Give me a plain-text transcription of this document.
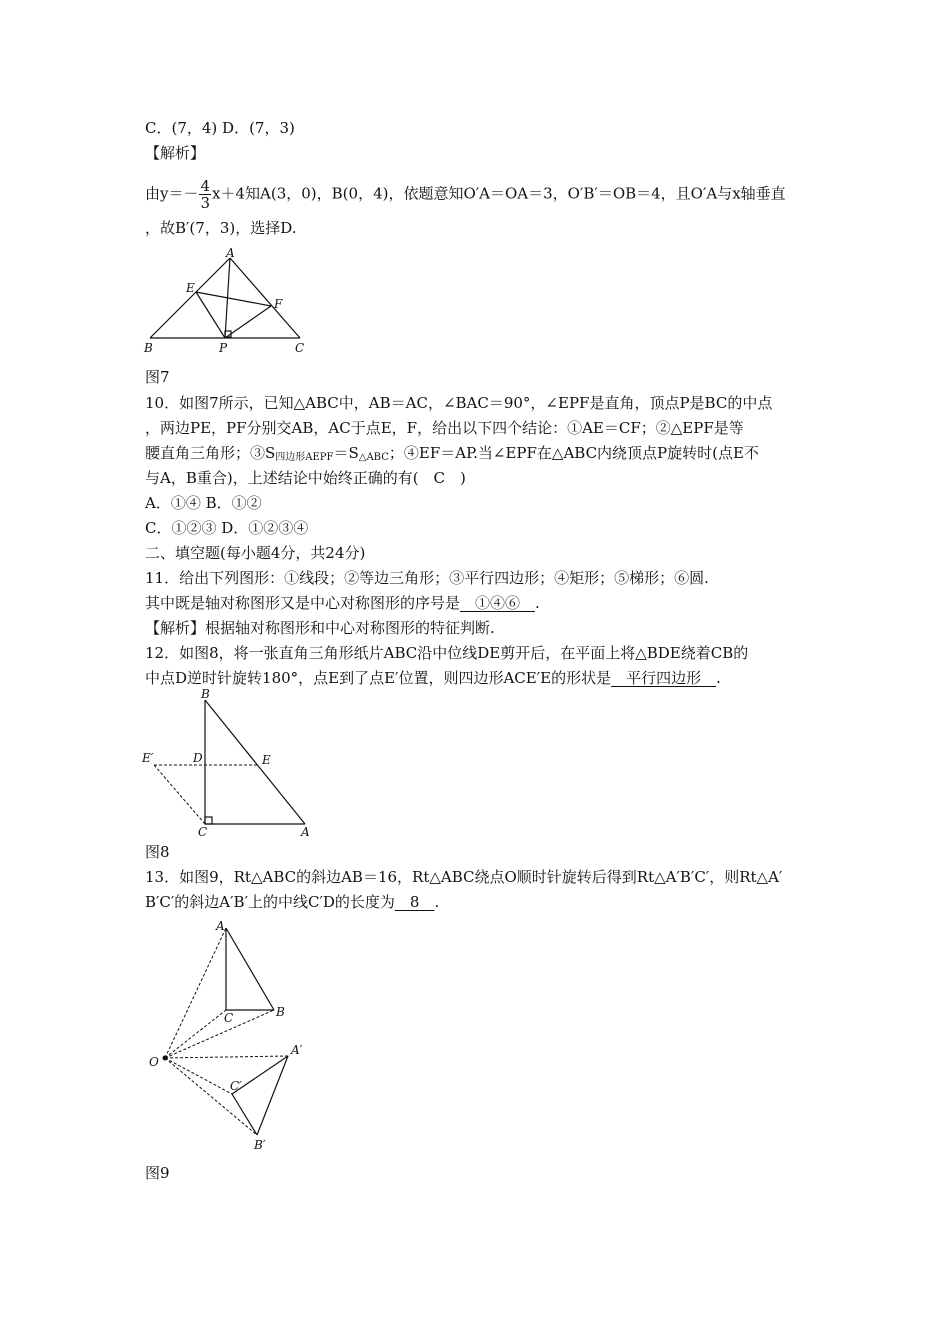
C．(7，4) D．(7，3)
【解析】
由$y=- \frac{4}{3} x+4$知A(3，0)，B(0，4)，依题意知O′A＝OA＝3，O′B′＝OB＝4，且O′A与x轴垂直
，故B′(7，3)，选择D.
A
B	C
E
F
P
图7
10．如图7所示，已知△ABC中，AB＝AC，∠BAC＝90°，∠EPF是直角，顶点P是BC的中点
，两边PE，PF分别交AB，AC于点E，F，给出以下四个结论：①AE＝CF；②△EPF是等
腰直角三角形；$③S_{四边形AEPF}=S_{\triangle ABC}$；④EF＝AP.当∠EPF在△ABC内绕顶点P旋转时(点E不
与A，B重合)，上述结论中始终正确的有(　C　)
A．①④ B．①②
C．①②③ D．①②③④
二、填空题(每小题4分，共24分)
11．给出下列图形：①线段；②等边三角形；③平行四边形；④矩形；⑤梯形；⑥圆.
其中既是轴对称图形又是中心对称图形的序号是__①④⑥__.
【解析】根据轴对称图形和中心对称图形的特征判断.
12．如图8，将一张直角三角形纸片ABC沿中位线DE剪开后，在平面上将△BDE绕着CB的
中点D逆时针旋转180°，点E到了点E′位置，则四边形ACE′E的形状是__平行四边形__.
B
D	E
E′
C	A
图8
13．如图9，Rt△ABC的斜边AB＝16，Rt△ABC绕点O顺时针旋转后得到Rt△A′B′C′，则Rt△A′
B′C′的斜边A′B′上的中线C′D的长度为__8__.
A
B
C
O
A′
C′
B′
图9
